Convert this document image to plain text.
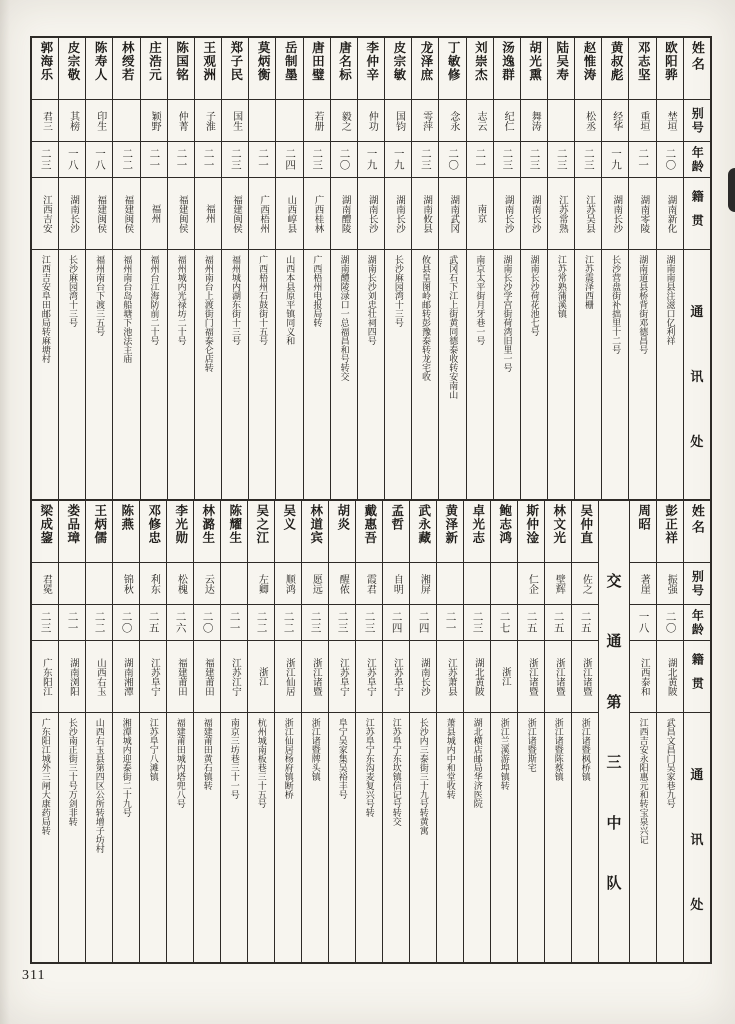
郭海乐
君三
二三
江西吉安
江西吉安阜田邮局转麻塘村
皮宗敬
其榜
一八
湖南长沙
长沙麻园湾十三号
陈寿人
印生
一八
福建闽侯
福州南台下渡三五号
林绶若
二二
福建闽侯
福州南台岛船塘下池法主庙
庄浩元
颖野
二一
福州
福州台江海防前二十号
陈国铭
仲菁
二一
福建闽侯
福州城内光禄坊二十号
王观洲
子淮
二一
福州
福州南台上渡街门福泰仑店转
郑子民
国生
二三
福建闽侯
福州城内湖东街十三号
莫炳衡
二一
广西梧州
广西梧州石鼓街十五号
岳制墨
二四
山西崞县
山西本县原平镇同义和
唐田璧
若册
二三
广西桂林
广西梧州电报局转
唐名标
毅之
二〇
湖南醴陵
湖南醴陵渌口一总福昌和号转交
李仲辛
仲功
一九
湖南长沙
湖南长沙刘忠壮祠四号
皮宗敏
国钧
一九
湖南长沙
长沙麻园湾十三号
龙泽庶
雩萍
二三
湖南攸县
攸县皇图岭邮转彭豫泰转龙宅收
丁敏修
念永
二〇
湖南武冈
武冈石下江上街黄同德泰收转安南山
刘崇杰
志云
二一
南京
南京太平街月牙巷一号
汤逸群
纪仁
二三
湖南长沙
湖南长沙学宫街荷湾旧里一号
胡光熏
舞涛
二三
湖南长沙
湖南长沙荷花池七号
陆吴寿
二三
江苏常熟
江苏常熟蒲溪镇
赵惟涛
松丞
二三
江苏吴县
江苏震泽西栅
黄叔彪
经华
一九
湖南长沙
长沙营盘街补拙里十二号
邓志坚
重垣
二一
湖南零陵
湖南道县桥背街邓德昌号
欧阳骅
埜垣
二〇
湖南新化
湖南南县注滋口亿利祥
姓名
别号
年龄
籍贯
通
讯
处
梁成鋆
君冕
二三
广东阳江
广东阳江城外三闸大康药局转
娄品璋
二一
湖南浏阳
长沙南正街三十号万剑非转
王炳儒
二二
山西右玉
山西右玉县第四区公所转增子坊村
陈燕
锦秋
二〇
湖南湘潭
湘潭城内迎泰街二十九号
邓修忠
利东
二五
江苏阜宁
江苏阜宁八滩镇
李光勋
松槐
二六
福建莆田
福建莆田城内塔兜八号
林潞生
云达
二〇
福建莆田
福建莆田黄石镇转
陈耀生
二一
江苏江宁
南京三坊巷三十一号
吴之江
左卿
二二
浙江
杭州城南板巷三十五号
吴义
顺鸿
二二
浙江仙居
浙江仙居杨府镇断桥
林道宾
愿远
二三
浙江诸暨
浙江诸暨牌头镇
胡炎
醒侬
二三
江苏阜宁
阜宁吴家集吴裕丰号
戴惠吾
霞君
二三
江苏阜宁
江苏阜宁东沟麦复兴号转
孟哲
自明
二四
江苏阜宁
江苏阜宁东坎镇信记号转交
武永藏
湘屏
二四
湖南长沙
长沙内三泰街三十九号转黄寓
黄泽新
二一
江苏萧县
萧县城内中和堂收转
卓光志
二三
湖北黄陂
湖北横店邮局华济医院
鲍志鸿
二七
浙江
浙江兰溪游埠镇转
斯仲淦
仁企
二五
浙江诸暨
浙江诸暨斯宅
林文光
壁辉
二五
浙江诸暨
浙江诸暨陈蔡镇
吴仲直
佐之
二五
浙江诸暨
浙江诸暨枫桥镇
交
通
第
三
中
队
周昭
著崖
一八
江西泰和
江西吉安永阳惠元和转宝泉兴记
彭正祥
振强
二〇
湖北黄陂
武昌文昌门吴家巷九号
姓名
别号
年龄
籍贯
通
讯
处
311
